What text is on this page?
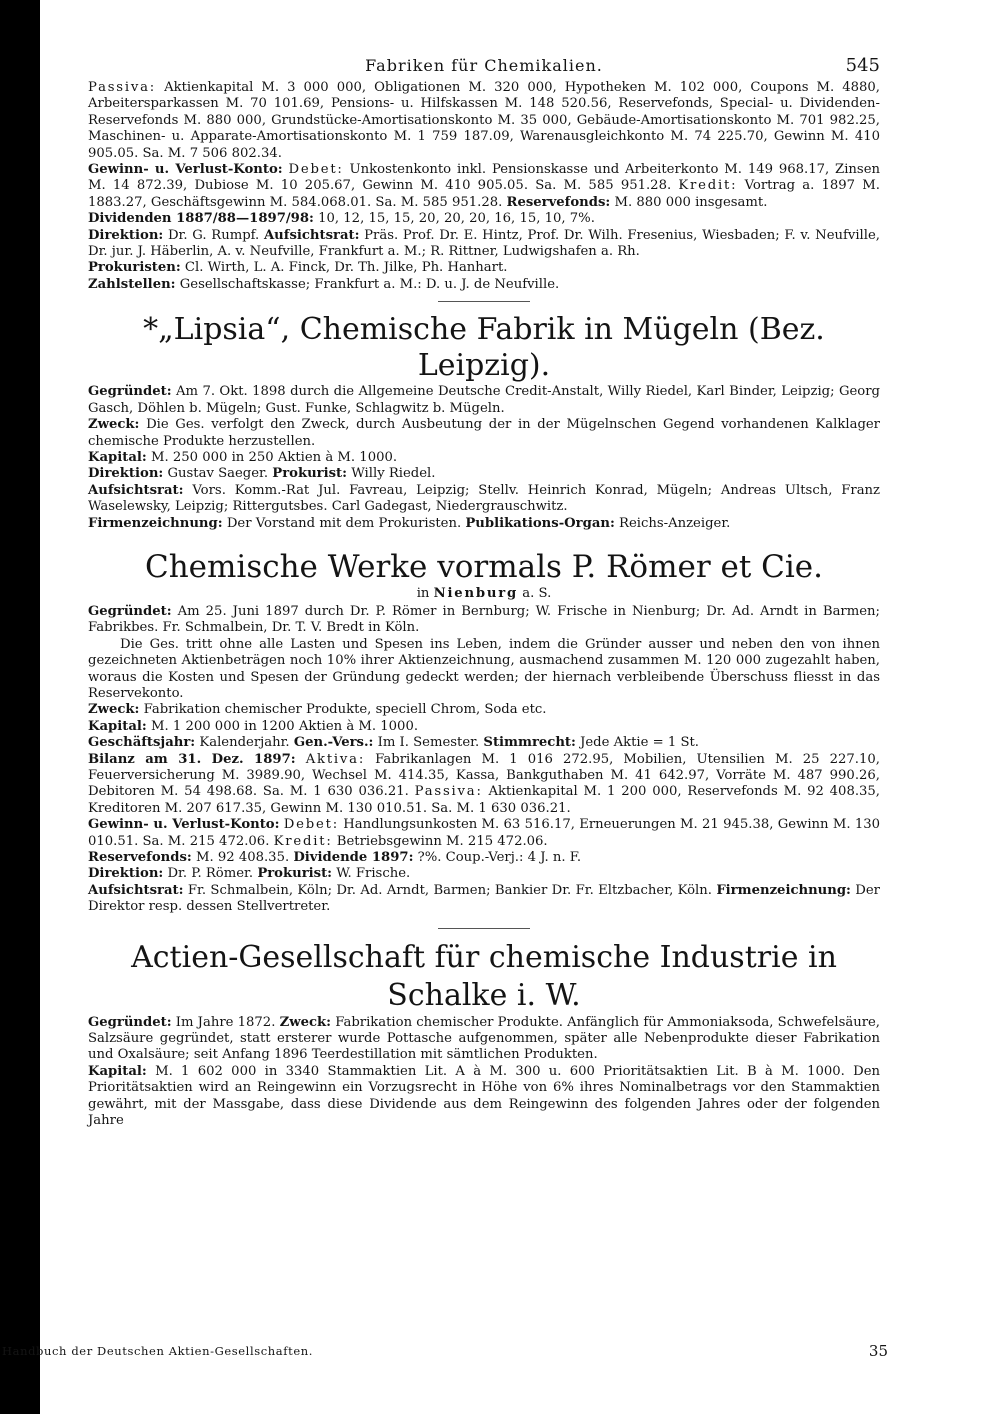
Fabriken für Chemikalien.	545

Passiva: Aktienkapital M. 3 000 000, Obligationen M. 320 000, Hypotheken M. 102 000, Coupons M. 4880, Arbeitersparkassen M. 70 101.69, Pensions- u. Hilfskassen M. 148 520.56, Reservefonds, Special- u. Dividenden-Reservefonds M. 880 000, Grundstücke-Amortisationskonto M. 35 000, Gebäude-Amortisationskonto M. 701 982.25, Maschinen- u. Apparate-Amortisationskonto M. 1 759 187.09, Warenausgleichkonto M. 74 225.70, Gewinn M. 410 905.05. Sa. M. 7 506 802.34.

Gewinn- u. Verlust-Konto: Debet: Unkostenkonto inkl. Pensionskasse und Arbeiterkonto M. 149 968.17, Zinsen M. 14 872.39, Dubiose M. 10 205.67, Gewinn M. 410 905.05. Sa. M. 585 951.28. Kredit: Vortrag a. 1897 M. 1883.27, Geschäftsgewinn M. 584.068.01. Sa. M. 585 951.28. Reservefonds: M. 880 000 insgesamt.

Dividenden 1887/88—1897/98: 10, 12, 15, 15, 20, 20, 20, 16, 15, 10, 7%.

Direktion: Dr. G. Rumpf. Aufsichtsrat: Präs. Prof. Dr. E. Hintz, Prof. Dr. Wilh. Fresenius, Wiesbaden; F. v. Neufville, Dr. jur. J. Häberlin, A. v. Neufville, Frankfurt a. M.; R. Rittner, Ludwigshafen a. Rh.

Prokuristen: Cl. Wirth, L. A. Finck, Dr. Th. Jilke, Ph. Hanhart.

Zahlstellen: Gesellschaftskasse; Frankfurt a. M.: D. u. J. de Neufville.

*„Lipsia“, Chemische Fabrik in Mügeln (Bez. Leipzig).

Gegründet: Am 7. Okt. 1898 durch die Allgemeine Deutsche Credit-Anstalt, Willy Riedel, Karl Binder, Leipzig; Georg Gasch, Döhlen b. Mügeln; Gust. Funke, Schlagwitz b. Mügeln.

Zweck: Die Ges. verfolgt den Zweck, durch Ausbeutung der in der Mügelnschen Gegend vorhandenen Kalklager chemische Produkte herzustellen.

Kapital: M. 250 000 in 250 Aktien à M. 1000.

Direktion: Gustav Saeger. Prokurist: Willy Riedel.

Aufsichtsrat: Vors. Komm.-Rat Jul. Favreau, Leipzig; Stellv. Heinrich Konrad, Mügeln; Andreas Ultsch, Franz Waselewsky, Leipzig; Rittergutsbes. Carl Gadegast, Niedergrauschwitz.

Firmenzeichnung: Der Vorstand mit dem Prokuristen. Publikations-Organ: Reichs-Anzeiger.

Chemische Werke vormals P. Römer et Cie.
in Nienburg a. S.

Gegründet: Am 25. Juni 1897 durch Dr. P. Römer in Bernburg; W. Frische in Nienburg; Dr. Ad. Arndt in Barmen; Fabrikbes. Fr. Schmalbein, Dr. T. V. Bredt in Köln.

Die Ges. tritt ohne alle Lasten und Spesen ins Leben, indem die Gründer ausser und neben den von ihnen gezeichneten Aktienbeträgen noch 10% ihrer Aktienzeichnung, ausmachend zusammen M. 120 000 zugezahlt haben, woraus die Kosten und Spesen der Gründung gedeckt werden; der hiernach verbleibende Überschuss fliesst in das Reservekonto.

Zweck: Fabrikation chemischer Produkte, speciell Chrom, Soda etc.

Kapital: M. 1 200 000 in 1200 Aktien à M. 1000.

Geschäftsjahr: Kalenderjahr. Gen.-Vers.: Im I. Semester. Stimmrecht: Jede Aktie = 1 St.

Bilanz am 31. Dez. 1897: Aktiva: Fabrikanlagen M. 1 016 272.95, Mobilien, Utensilien M. 25 227.10, Feuerversicherung M. 3989.90, Wechsel M. 414.35, Kassa, Bankguthaben M. 41 642.97, Vorräte M. 487 990.26, Debitoren M. 54 498.68. Sa. M. 1 630 036.21. Passiva: Aktienkapital M. 1 200 000, Reservefonds M. 92 408.35, Kreditoren M. 207 617.35, Gewinn M. 130 010.51. Sa. M. 1 630 036.21.

Gewinn- u. Verlust-Konto: Debet: Handlungsunkosten M. 63 516.17, Erneuerungen M. 21 945.38, Gewinn M. 130 010.51. Sa. M. 215 472.06. Kredit: Betriebsgewinn M. 215 472.06.

Reservefonds: M. 92 408.35. Dividende 1897: ?%. Coup.-Verj.: 4 J. n. F.

Direktion: Dr. P. Römer. Prokurist: W. Frische.

Aufsichtsrat: Fr. Schmalbein, Köln; Dr. Ad. Arndt, Barmen; Bankier Dr. Fr. Eltzbacher, Köln. Firmenzeichnung: Der Direktor resp. dessen Stellvertreter.

Actien-Gesellschaft für chemische Industrie in Schalke i. W.

Gegründet: Im Jahre 1872. Zweck: Fabrikation chemischer Produkte. Anfänglich für Ammoniaksoda, Schwefelsäure, Salzsäure gegründet, statt ersterer wurde Pottasche aufgenommen, später alle Nebenprodukte dieser Fabrikation und Oxalsäure; seit Anfang 1896 Teerdestillation mit sämtlichen Produkten.

Kapital: M. 1 602 000 in 3340 Stammaktien Lit. A à M. 300 u. 600 Prioritätsaktien Lit. B à M. 1000. Den Prioritätsaktien wird an Reingewinn ein Vorzugsrecht in Höhe von 6% ihres Nominalbetrags vor den Stammaktien gewährt, mit der Massgabe, dass diese Dividende aus dem Reingewinn des folgenden Jahres oder der folgenden Jahre

Handbuch der Deutschen Aktien-Gesellschaften.	35
